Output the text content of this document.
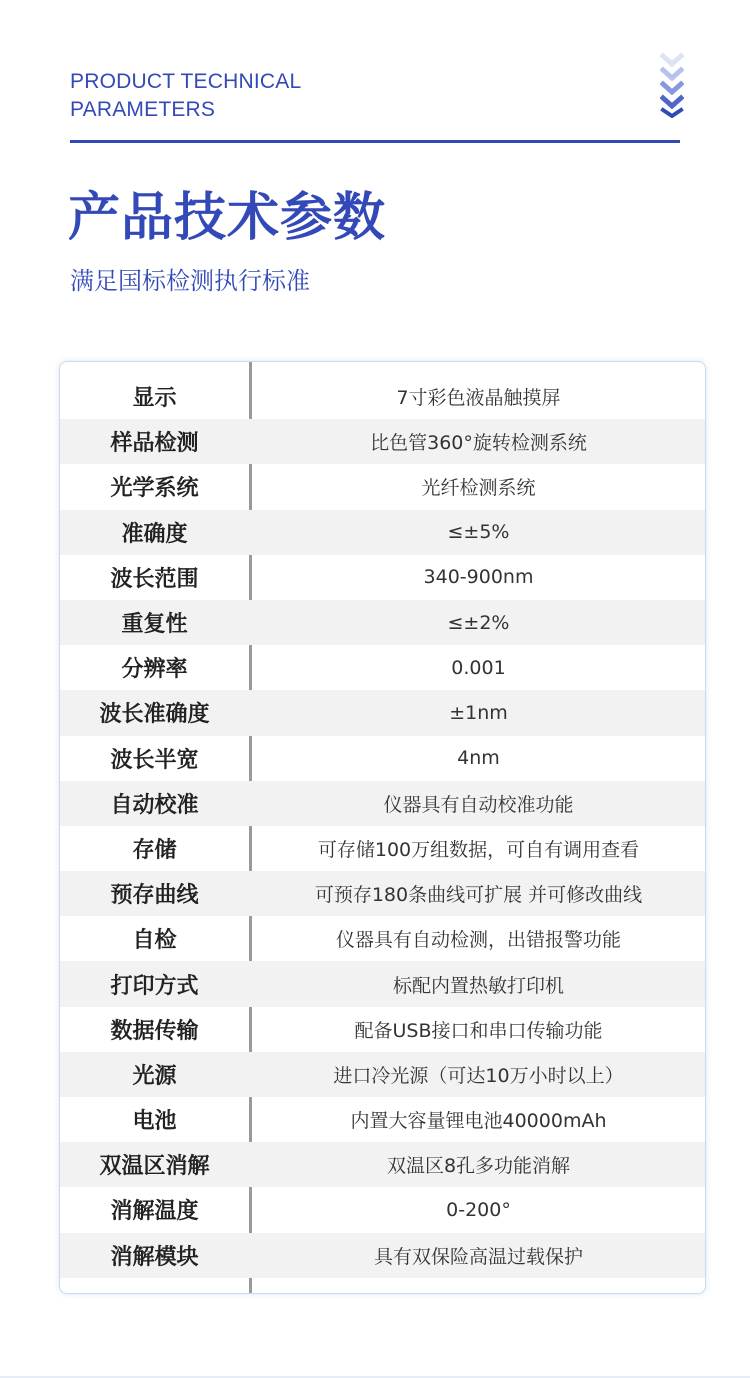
PRODUCT TECHNICAL
PARAMETERS
产品技术参数
满足国标检测执行标准
显示	7寸彩色液晶触摸屏
样品检测	比色管360°旋转检测系统
光学系统	光纤检测系统
准确度	≤±5%
波长范围	340-900nm
重复性	≤±2%
分辨率	0.001
波长准确度	±1nm
波长半宽	4nm
自动校准	仪器具有自动校准功能
存储	可存储100万组数据，可自有调用查看
预存曲线	可预存180条曲线可扩展 并可修改曲线
自检	仪器具有自动检测，出错报警功能
打印方式	标配内置热敏打印机
数据传输	配备USB接口和串口传输功能
光源	进口冷光源（可达10万小时以上）
电池	内置大容量锂电池40000mAh
双温区消解	双温区8孔多功能消解
消解温度	0-200°
消解模块	具有双保险高温过载保护
